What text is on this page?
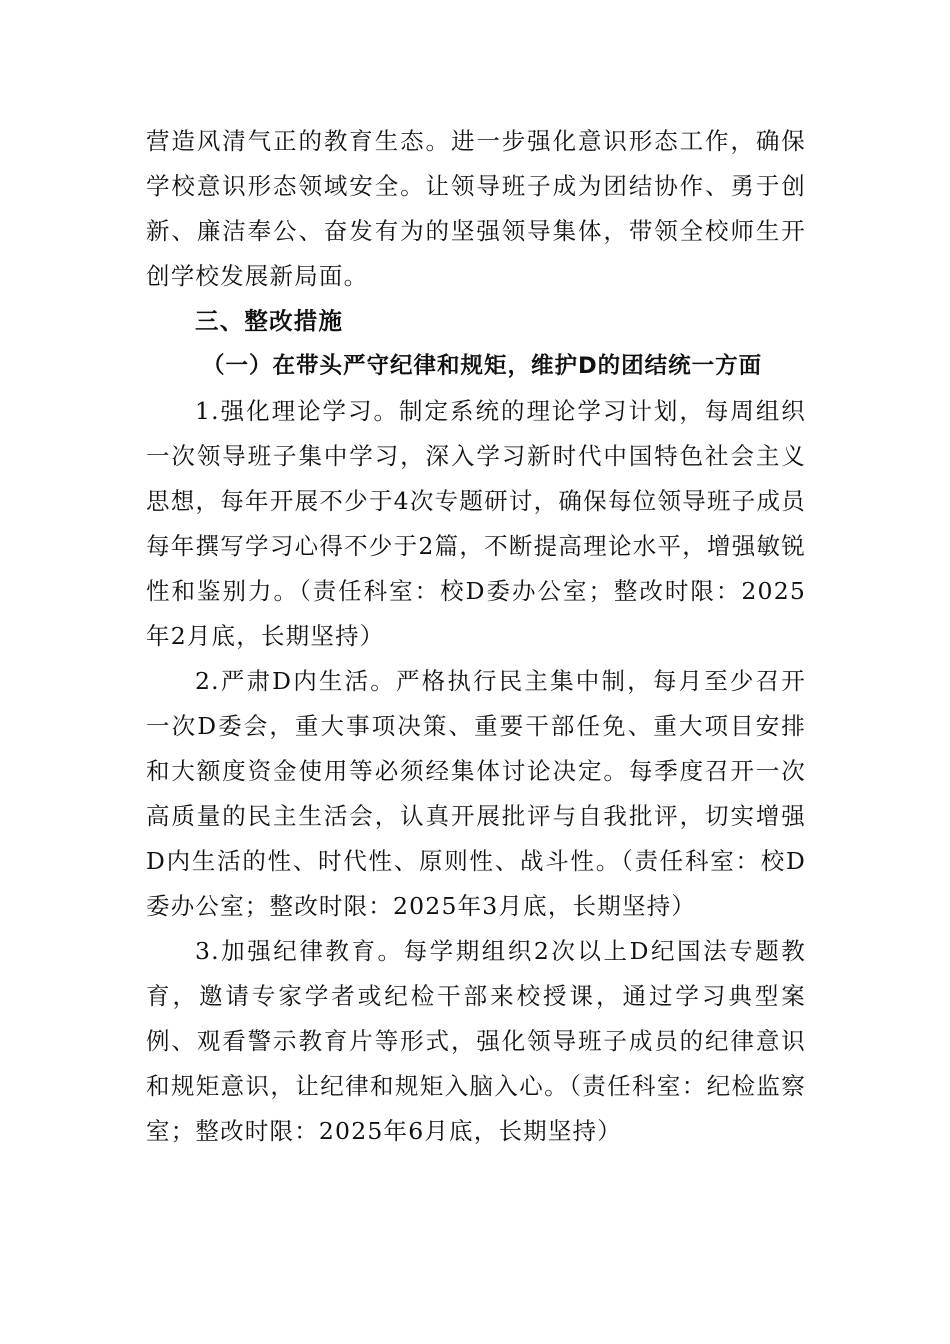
营造风清气正的教育生态。进一步强化意识形态工作，确保学校意识形态领域安全。让领导班子成为团结协作、勇于创新、廉洁奉公、奋发有为的坚强领导集体，带领全校师生开创学校发展新局面。

三、整改措施
（一）在带头严守纪律和规矩，维护D的团结统一方面

1.强化理论学习。制定系统的理论学习计划，每周组织一次领导班子集中学习，深入学习新时代中国特色社会主义思想，每年开展不少于4次专题研讨，确保每位领导班子成员每年撰写学习心得不少于2篇，不断提高理论水平，增强敏锐性和鉴别力。（责任科室：校D委办公室；整改时限：2025年2月底，长期坚持）

2.严肃D内生活。严格执行民主集中制，每月至少召开一次D委会，重大事项决策、重要干部任免、重大项目安排和大额度资金使用等必须经集体讨论决定。每季度召开一次高质量的民主生活会，认真开展批评与自我批评，切实增强D内生活的性、时代性、原则性、战斗性。（责任科室：校D委办公室；整改时限：2025年3月底，长期坚持）

3.加强纪律教育。每学期组织2次以上D纪国法专题教育，邀请专家学者或纪检干部来校授课，通过学习典型案例、观看警示教育片等形式，强化领导班子成员的纪律意识和规矩意识，让纪律和规矩入脑入心。（责任科室：纪检监察室；整改时限：2025年6月底，长期坚持）
